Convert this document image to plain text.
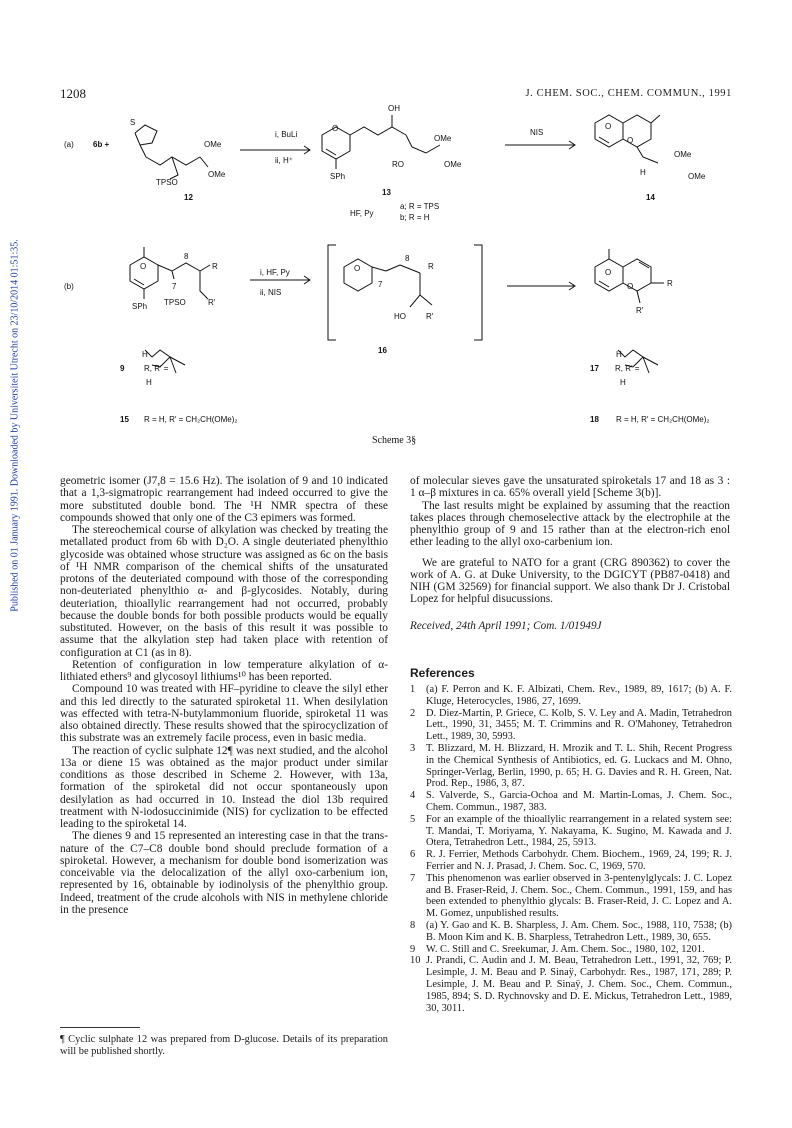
Published on 01 January 1991. Downloaded by Universiteit Utrecht on 23/10/2014 01:51:35.
1208	J. CHEM. SOC., CHEM. COMMUN., 1991
(a) 6b +
S
OMe
TPSO
OMe
12
i, BuLi
ii, H⁺
OH
O
OMe
RO	OMe
SPh
13
a; R = TPS
b; R = H
HF, Py
NIS
O
O
OMe
H	OMe
14
(b)
O
8
7
R
TPSO	R′
SPh
i, HF, Py
ii, NIS
O
8
7
R
HO	R′
16
O
O	R
R′
9 R, R′ =
H
H
17 R, R′ =
H
H
15 R = H, R′ = CH₂CH(OMe)₂	18 R = H, R′ = CH₂CH(OMe)₂
Scheme 3§

geometric isomer (J7,8 = 15.6 Hz). The isolation of 9 and 10 indicated that a 1,3-sigmatropic rearrangement had indeed occurred to give the more substituted double bond. The ¹H NMR spectra of these compounds showed that only one of the C3 epimers was formed.

The stereochemical course of alkylation was checked by treating the metallated product from 6b with D₂O. A single deuteriated phenylthio glycoside was obtained whose structure was assigned as 6c on the basis of ¹H NMR comparison of the chemical shifts of the unsaturated protons of the deuteriated compound with those of the corresponding non-deuteriated phenylthio α- and β-glycosides. Notably, during deuteriation, thioallylic rearrangement had not occurred, probably because the double bonds for both possible products would be equally substituted. However, on the basis of this result it was possible to assume that the alkylation step had taken place with retention of configuration at C1 (as in 8).

Retention of configuration in low temperature alkylation of α-lithiated ethers⁹ and glycosoyl lithiums¹⁰ has been reported.

Compound 10 was treated with HF–pyridine to cleave the silyl ether and this led directly to the saturated spiroketal 11. When desilylation was effected with tetra-N-butylammonium fluoride, spiroketal 11 was also obtained directly. These results showed that the spirocyclization of this substrate was an extremely facile process, even in basic media.

The reaction of cyclic sulphate 12¶ was next studied, and the alcohol 13a or diene 15 was obtained as the major product under similar conditions as those described in Scheme 2. However, with 13a, formation of the spiroketal did not occur spontaneously upon desilylation as had occurred in 10. Instead the diol 13b required treatment with N-iodosuccinimide (NIS) for cyclization to be effected leading to the spiroketal 14.

The dienes 9 and 15 represented an interesting case in that the trans-nature of the C7–C8 double bond should preclude formation of a spiroketal. However, a mechanism for double bond isomerization was conceivable via the delocalization of the allyl oxo-carbenium ion, represented by 16, obtainable by iodinolysis of the phenylthio group. Indeed, treatment of the crude alcohols with NIS in methylene chloride in the presence

¶ Cyclic sulphate 12 was prepared from D-glucose. Details of its preparation will be published shortly.

of molecular sieves gave the unsaturated spiroketals 17 and 18 as 3 : 1 α–β mixtures in ca. 65% overall yield [Scheme 3(b)].

The last results might be explained by assuming that the reaction takes places through chemoselective attack by the electrophile at the phenylthio group of 9 and 15 rather than at the electron-rich enol ether leading to the allyl oxo-carbenium ion.

We are grateful to NATO for a grant (CRG 890362) to cover the work of A. G. at Duke University, to the DGICYT (PB87-0418) and NIH (GM 32569) for financial support. We also thank Dr J. Cristobal Lopez for helpful disucussions.

Received, 24th April 1991; Com. 1/01949J
References
1	(a) F. Perron and K. F. Albizati, Chem. Rev., 1989, 89, 1617; (b) A. F. Kluge, Heterocycles, 1986, 27, 1699.
2	D. Diez-Martin, P. Griece, C. Kolb, S. V. Ley and A. Madin, Tetrahedron Lett., 1990, 31, 3455; M. T. Crimmins and R. O'Mahoney, Tetrahedron Lett., 1989, 30, 5993.
3	T. Blizzard, M. H. Blizzard, H. Mrozik and T. L. Shih, Recent Progress in the Chemical Synthesis of Antibiotics, ed. G. Luckacs and M. Ohno, Springer-Verlag, Berlin, 1990, p. 65; H. G. Davies and R. H. Green, Nat. Prod. Rep., 1986, 3, 87.
4	S. Valverde, S., Garcia-Ochoa and M. Martin-Lomas, J. Chem. Soc., Chem. Commun., 1987, 383.
5	For an example of the thioallylic rearrangement in a related system see: T. Mandai, T. Moriyama, Y. Nakayama, K. Sugino, M. Kawada and J. Otera, Tetrahedron Lett., 1984, 25, 5913.
6	R. J. Ferrier, Methods Carbohydr. Chem. Biochem., 1969, 24, 199; R. J. Ferrier and N. J. Prasad, J. Chem. Soc. C, 1969, 570.
7	This phenomenon was earlier observed in 3-pentenylglycals: J. C. Lopez and B. Fraser-Reid, J. Chem. Soc., Chem. Commun., 1991, 159, and has been extended to phenylthio glycals: B. Fraser-Reid, J. C. Lopez and A. M. Gomez, unpublished results.
8	(a) Y. Gao and K. B. Sharpless, J. Am. Chem. Soc., 1988, 110, 7538; (b) B. Moon Kim and K. B. Sharpless, Tetrahedron Lett., 1989, 30, 655.
9	W. C. Still and C. Sreekumar, J. Am. Chem. Soc., 1980, 102, 1201.
10 J. Prandi, C. Audin and J. M. Beau, Tetrahedron Lett., 1991, 32, 769; P. Lesimple, J. M. Beau and P. Sinaÿ, Carbohydr. Res., 1987, 171, 289; P. Lesimple, J. M. Beau and P. Sinaÿ, J. Chem. Soc., Chem. Commun., 1985, 894; S. D. Rychnovsky and D. E. Mickus, Tetrahedron Lett., 1989, 30, 3011.
